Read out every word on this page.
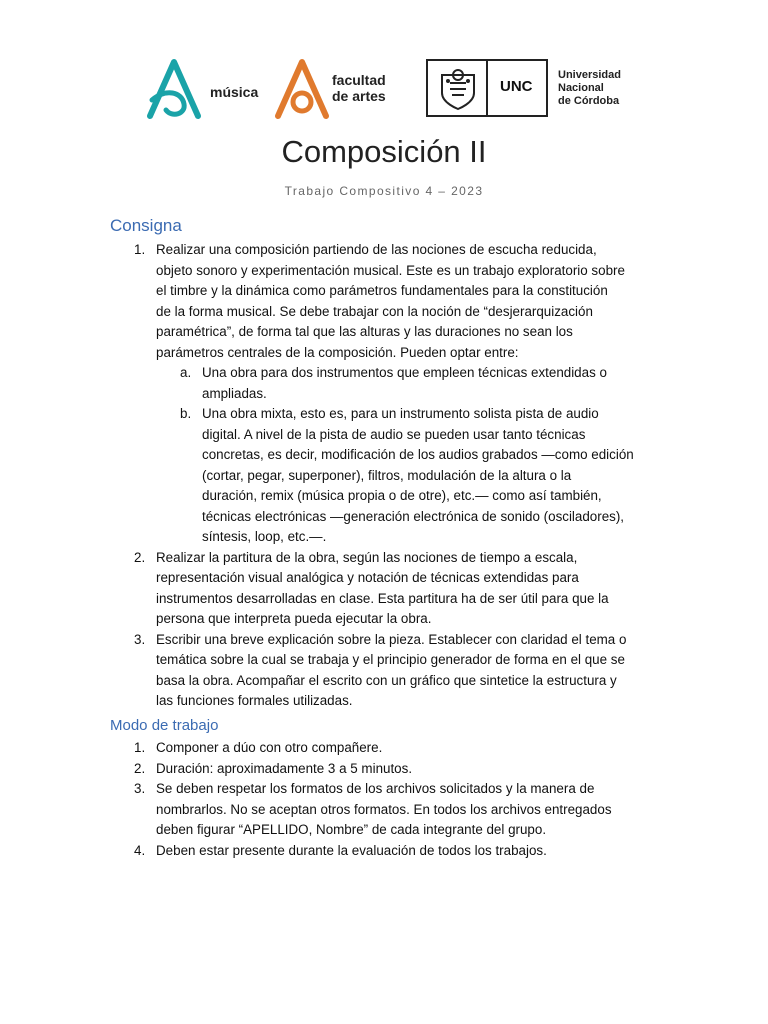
música
facultad
de artes
UNC
Universidad
Nacional
de Córdoba
Composición II
Trabajo Compositivo 4 – 2023
Consigna
1. Realizar una composición partiendo de las nociones de escucha reducida,
objeto sonoro y experimentación musical. Este es un trabajo exploratorio sobre
el timbre y la dinámica como parámetros fundamentales para la constitución
de la forma musical. Se debe trabajar con la noción de “desjerarquización
paramétrica”, de forma tal que las alturas y las duraciones no sean los
parámetros centrales de la composición. Pueden optar entre:
a. Una obra para dos instrumentos que empleen técnicas extendidas o
ampliadas.
b. Una obra mixta, esto es, para un instrumento solista pista de audio
digital. A nivel de la pista de audio se pueden usar tanto técnicas
concretas, es decir, modificación de los audios grabados —como edición
(cortar, pegar, superponer), filtros, modulación de la altura o la
duración, remix (música propia o de otre), etc.— como así también,
técnicas electrónicas —generación electrónica de sonido (osciladores),
síntesis, loop, etc.—.
2. Realizar la partitura de la obra, según las nociones de tiempo a escala,
representación visual analógica y notación de técnicas extendidas para
instrumentos desarrolladas en clase. Esta partitura ha de ser útil para que la
persona que interpreta pueda ejecutar la obra.
3. Escribir una breve explicación sobre la pieza. Establecer con claridad el tema o
temática sobre la cual se trabaja y el principio generador de forma en el que se
basa la obra. Acompañar el escrito con un gráfico que sintetice la estructura y
las funciones formales utilizadas.
Modo de trabajo
1. Componer a dúo con otro compañere.
2. Duración: aproximadamente 3 a 5 minutos.
3. Se deben respetar los formatos de los archivos solicitados y la manera de
nombrarlos. No se aceptan otros formatos. En todos los archivos entregados
deben figurar “APELLIDO, Nombre” de cada integrante del grupo.
4. Deben estar presente durante la evaluación de todos los trabajos.
